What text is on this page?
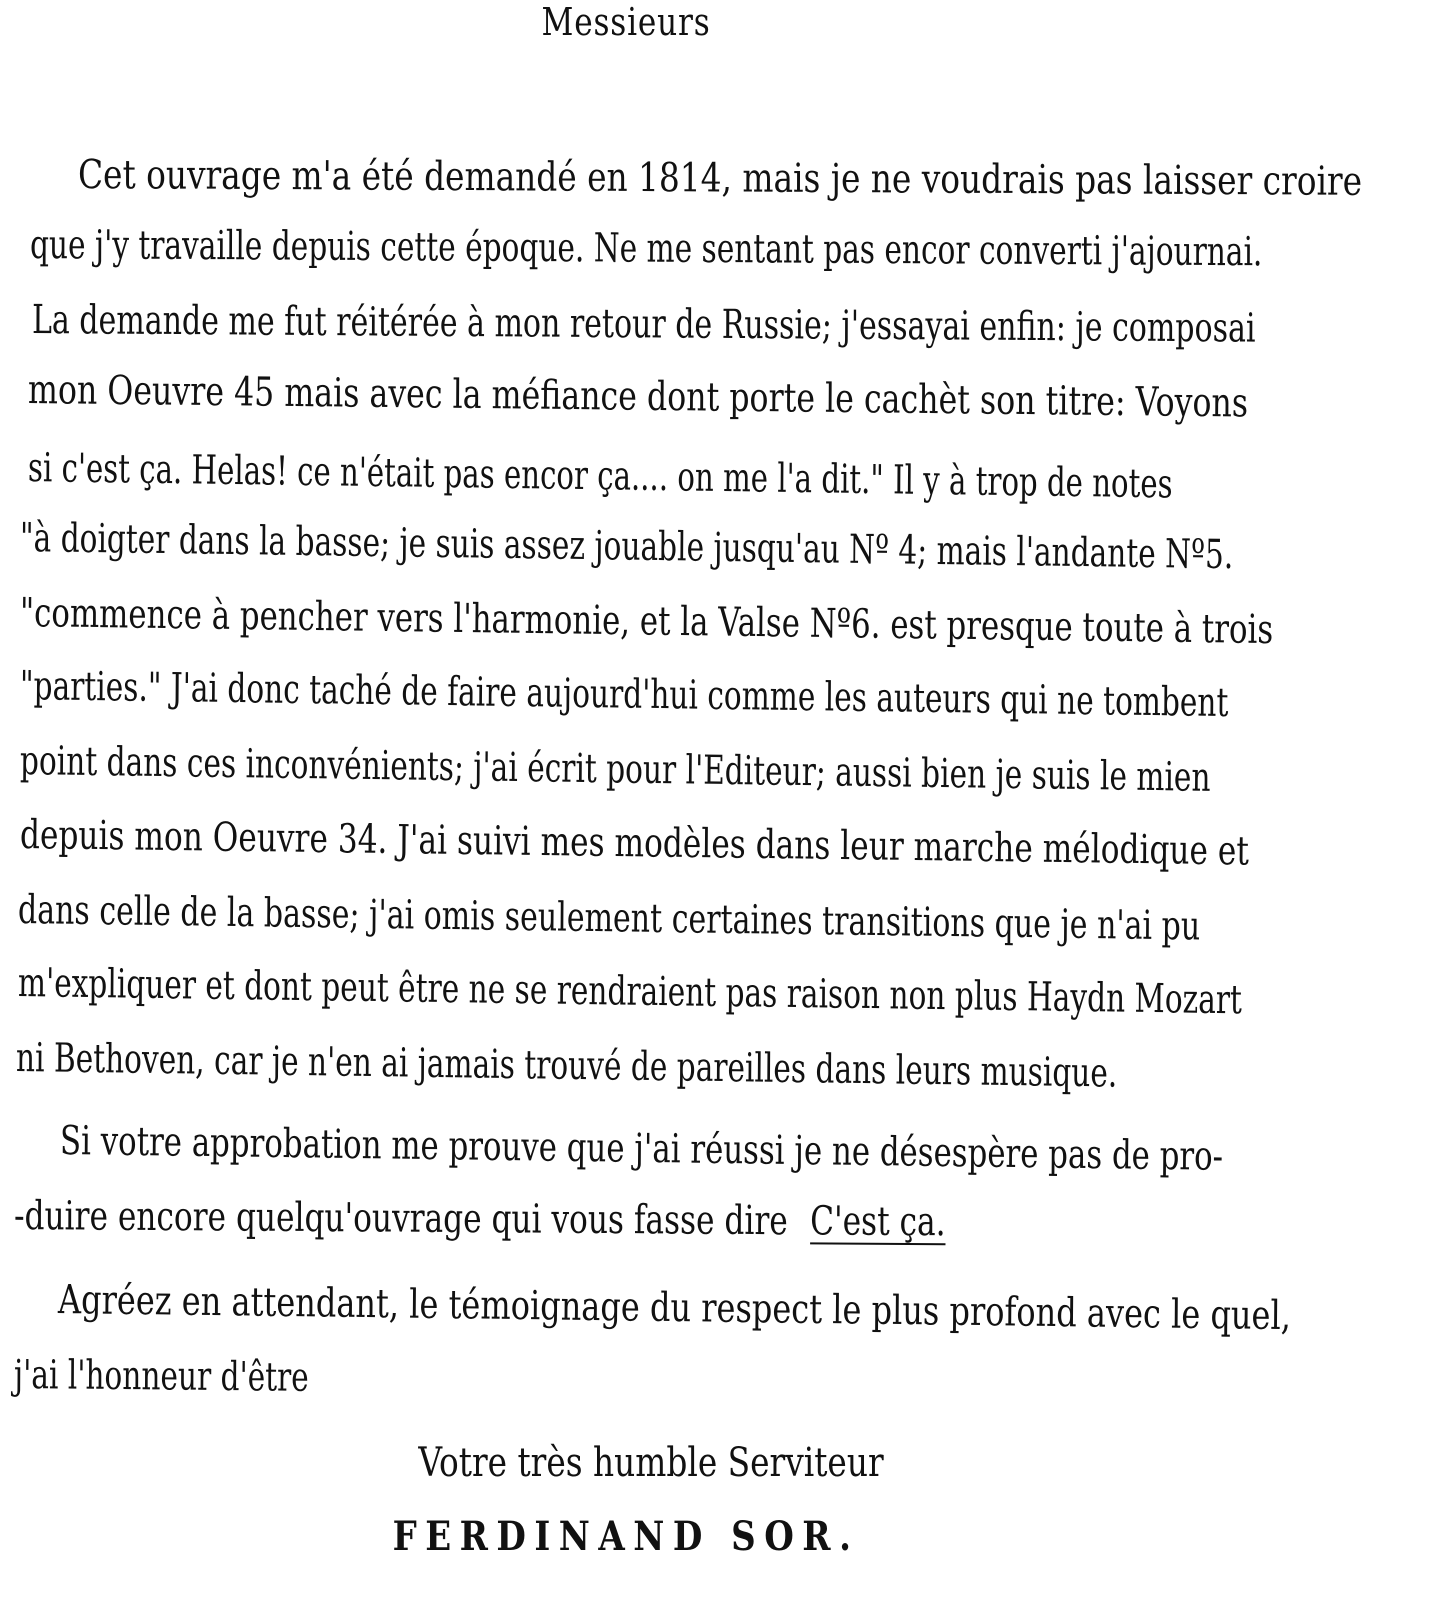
Messieurs
Cet ouvrage m'a été demandé en 1814, mais je ne voudrais pas laisser croire
que j'y travaille depuis cette époque. Ne me sentant pas encor converti j'ajournai.
La demande me fut réitérée à mon retour de Russie; j'essayai enfin: je composai
mon Oeuvre 45 mais avec la méfiance dont porte le cachèt son titre: Voyons
si c'est ça. Helas! ce n'était pas encor ça.... on me l'a dit." Il y à trop de notes
"à doigter dans la basse; je suis assez jouable jusqu'au Nº 4; mais l'andante Nº5.
"commence à pencher vers l'harmonie, et la Valse Nº6. est presque toute à trois
"parties." J'ai donc taché de faire aujourd'hui comme les auteurs qui ne tombent
point dans ces inconvénients; j'ai écrit pour l'Editeur; aussi bien je suis le mien
depuis mon Oeuvre 34. J'ai suivi mes modèles dans leur marche mélodique et
dans celle de la basse; j'ai omis seulement certaines transitions que je n'ai pu
m'expliquer et dont peut être ne se rendraient pas raison non plus Haydn Mozart
ni Bethoven, car je n'en ai jamais trouvé de pareilles dans leurs musique.
Si votre approbation me prouve que j'ai réussi je ne désespère pas de pro-
-duire encore quelqu'ouvrage qui vous fasse dire C'est ça.
Agréez en attendant, le témoignage du respect le plus profond avec le quel,
j'ai l'honneur d'être
Votre très humble Serviteur
FERDINAND SOR.
